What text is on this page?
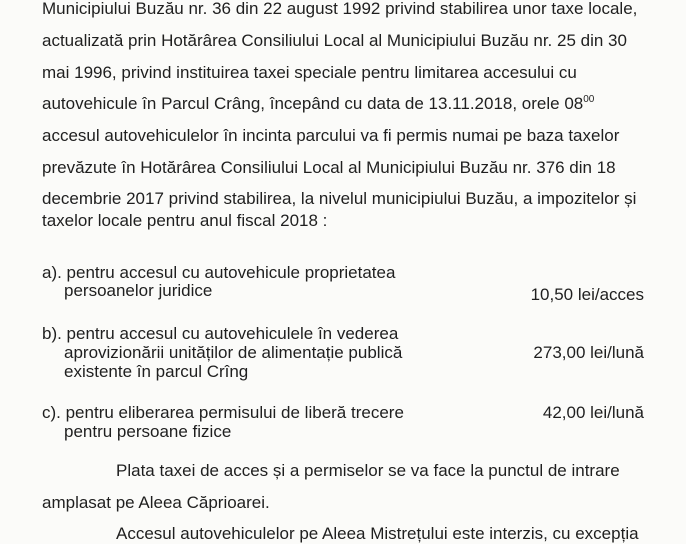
Municipiului Buzău nr. 36 din 22 august 1992 privind stabilirea unor taxe locale,
actualizată prin Hotărârea Consiliului Local al Municipiului Buzău nr. 25 din 30
mai 1996, privind instituirea taxei speciale pentru limitarea accesului cu
autovehicule în Parcul Crâng, începând cu data de 13.11.2018, orele $08^{00}$
accesul autovehiculelor în incinta parcului va fi permis numai pe baza taxelor
prevăzute în Hotărârea Consiliului Local al Municipiului Buzău nr. 376 din 18
decembrie 2017 privind stabilirea, la nivelul municipiului Buzău, a impozitelor și
taxelor locale pentru anul fiscal 2018 :
a). pentru accesul cu autovehicule proprietatea
persoanelor juridice	10,50 lei/acces
b). pentru accesul cu autovehiculele în vederea
aprovizionării unităților de alimentație publică
existente în parcul Crîng
273,00 lei/lună
c). pentru eliberarea permisului de liberă trecere
pentru persoane fizice
42,00 lei/lună
Plata taxei de acces și a permiselor se va face la punctul de intrare
amplasat pe Aleea Căprioarei.
Accesul autovehiculelor pe Aleea Mistrețului este interzis, cu excepția
